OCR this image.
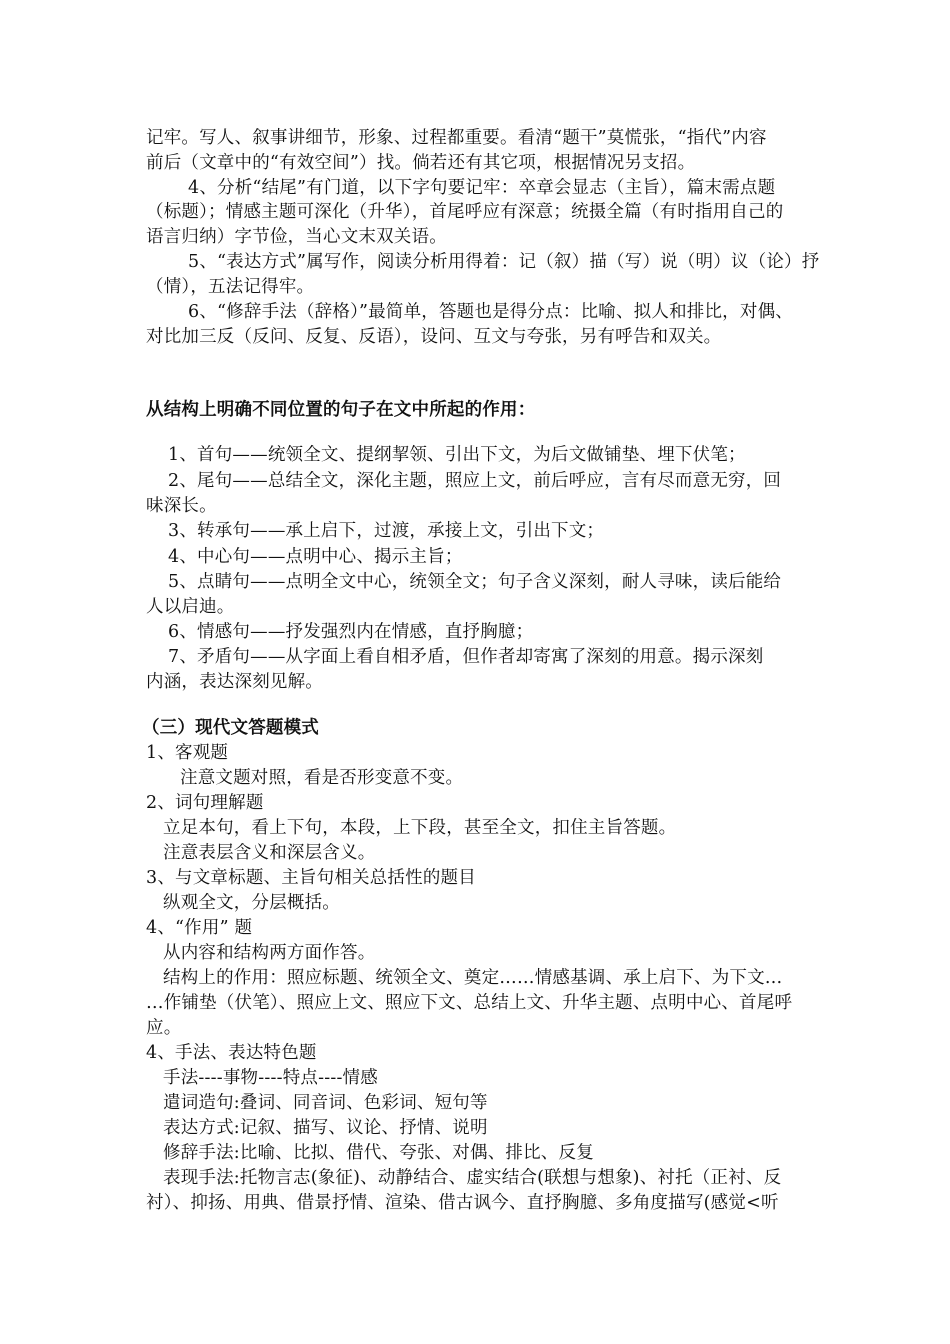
记牢。写人、叙事讲细节，形象、过程都重要。看清“题干”莫慌张，“指代”内容
前后（文章中的“有效空间”）找。倘若还有其它项，根据情况另支招。
4、分析“结尾”有门道，以下字句要记牢：卒章会显志（主旨），篇末需点题
（标题）；情感主题可深化（升华），首尾呼应有深意；统摄全篇（有时指用自己的
语言归纳）字节俭，当心文末双关语。
5、“表达方式”属写作，阅读分析用得着：记（叙）描（写）说（明）议（论）抒
（情），五法记得牢。
6、“修辞手法（辞格）”最简单，答题也是得分点：比喻、拟人和排比，对偶、
对比加三反（反问、反复、反语），设问、互文与夸张，另有呼告和双关。
从结构上明确不同位置的句子在文中所起的作用：
1、首句——统领全文、提纲挈领、引出下文，为后文做铺垫、埋下伏笔；
2、尾句——总结全文，深化主题，照应上文，前后呼应，言有尽而意无穷，回
味深长。
3、转承句——承上启下，过渡，承接上文，引出下文；
4、中心句——点明中心、揭示主旨；
5、点睛句——点明全文中心，统领全文；句子含义深刻，耐人寻味，读后能给
人以启迪。
6、情感句——抒发强烈内在情感，直抒胸臆；
7、矛盾句——从字面上看自相矛盾，但作者却寄寓了深刻的用意。揭示深刻
内涵，表达深刻见解。
（三）现代文答题模式
1、客观题
注意文题对照，看是否形变意不变。
2、词句理解题
立足本句，看上下句，本段，上下段，甚至全文，扣住主旨答题。
注意表层含义和深层含义。
3、与文章标题、主旨句相关总括性的题目
纵观全文，分层概括。
4、“作用” 题
从内容和结构两方面作答。
结构上的作用：照应标题、统领全文、奠定……情感基调、承上启下、为下文…
…作铺垫（伏笔）、照应上文、照应下文、总结上文、升华主题、点明中心、首尾呼
应。
4、手法、表达特色题
手法----事物----特点----情感
遣词造句:叠词、同音词、色彩词、短句等
表达方式:记叙、描写、议论、抒情、说明
修辞手法:比喻、比拟、借代、夸张、对偶、排比、反复
表现手法:托物言志(象征)、动静结合、虚实结合(联想与想象)、衬托（正衬、反
衬）、抑扬、用典、借景抒情、渲染、借古讽今、直抒胸臆、多角度描写(感觉<听
